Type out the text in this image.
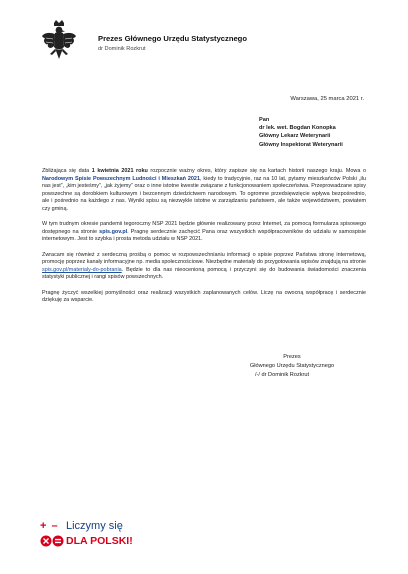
Prezes Głównego Urzędu Statystycznego
dr Dominik Rozkrut
Warszawa, 25 marca 2021 r.
Pan
dr lek. wet. Bogdan Konopka
Główny Lekarz Weterynarii
Główny Inspektorat Weterynarii

Zbliżająca się data 1 kwietnia 2021 roku rozpocznie ważny okres, który zapisze się na kartach historii naszego kraju. Mowa o Narodowym Spisie Powszechnym Ludności i Mieszkań 2021, kiedy to tradycyjnie, raz na 10 lat, pytamy mieszkańców Polski „ilu nas jest”, „kim jesteśmy”, „jak żyjemy” oraz o inne istotne kwestie związane z funkcjonowaniem społeczeństwa. Przeprowadzane spisy powszechne są dorobkiem kulturowym i bezcennym dziedzictwem narodowym. To ogromne przedsięwzięcie wpływa bezpośrednio, ale i pośrednio na każdego z nas. Wyniki spisu są niezwykle istotne w zarządzaniu państwem, ale także województwem, powiatem czy gminą.

W tym trudnym okresie pandemii tegoroczny NSP 2021 będzie głównie realizowany przez Internet, za pomocą formularza spisowego dostępnego na stronie spis.gov.pl. Pragnę serdecznie zachęcić Pana oraz wszystkich współpracowników do udziału w samospisie internetowym. Jest to szybka i prosta metoda udziału w NSP 2021.

Zwracam się również z serdeczną prośbą o pomoc w rozpowszechnianiu informacji o spisie poprzez Państwa stronę internetową, promocję poprzez kanały informacyjne np. media społecznościowe. Niezbędne materiały do przygotowania wpisów znajdują na stronie spis.gov.pl/materialy-do-pobrania. Będzie to dla nas nieocenioną pomocą i przyczyni się do budowania świadomości znaczenia statystyki publicznej i rangi spisów powszechnych.

Pragnę życzyć wszelkiej pomyślności oraz realizacji wszystkich zaplanowanych celów. Liczę na owocną współpracę i serdecznie dziękuję za wsparcie.

Prezes
Głównego Urzędu Statystycznego
/-/ dr Dominik Rozkrut
+ – Liczymy się
DLA POLSKI!
